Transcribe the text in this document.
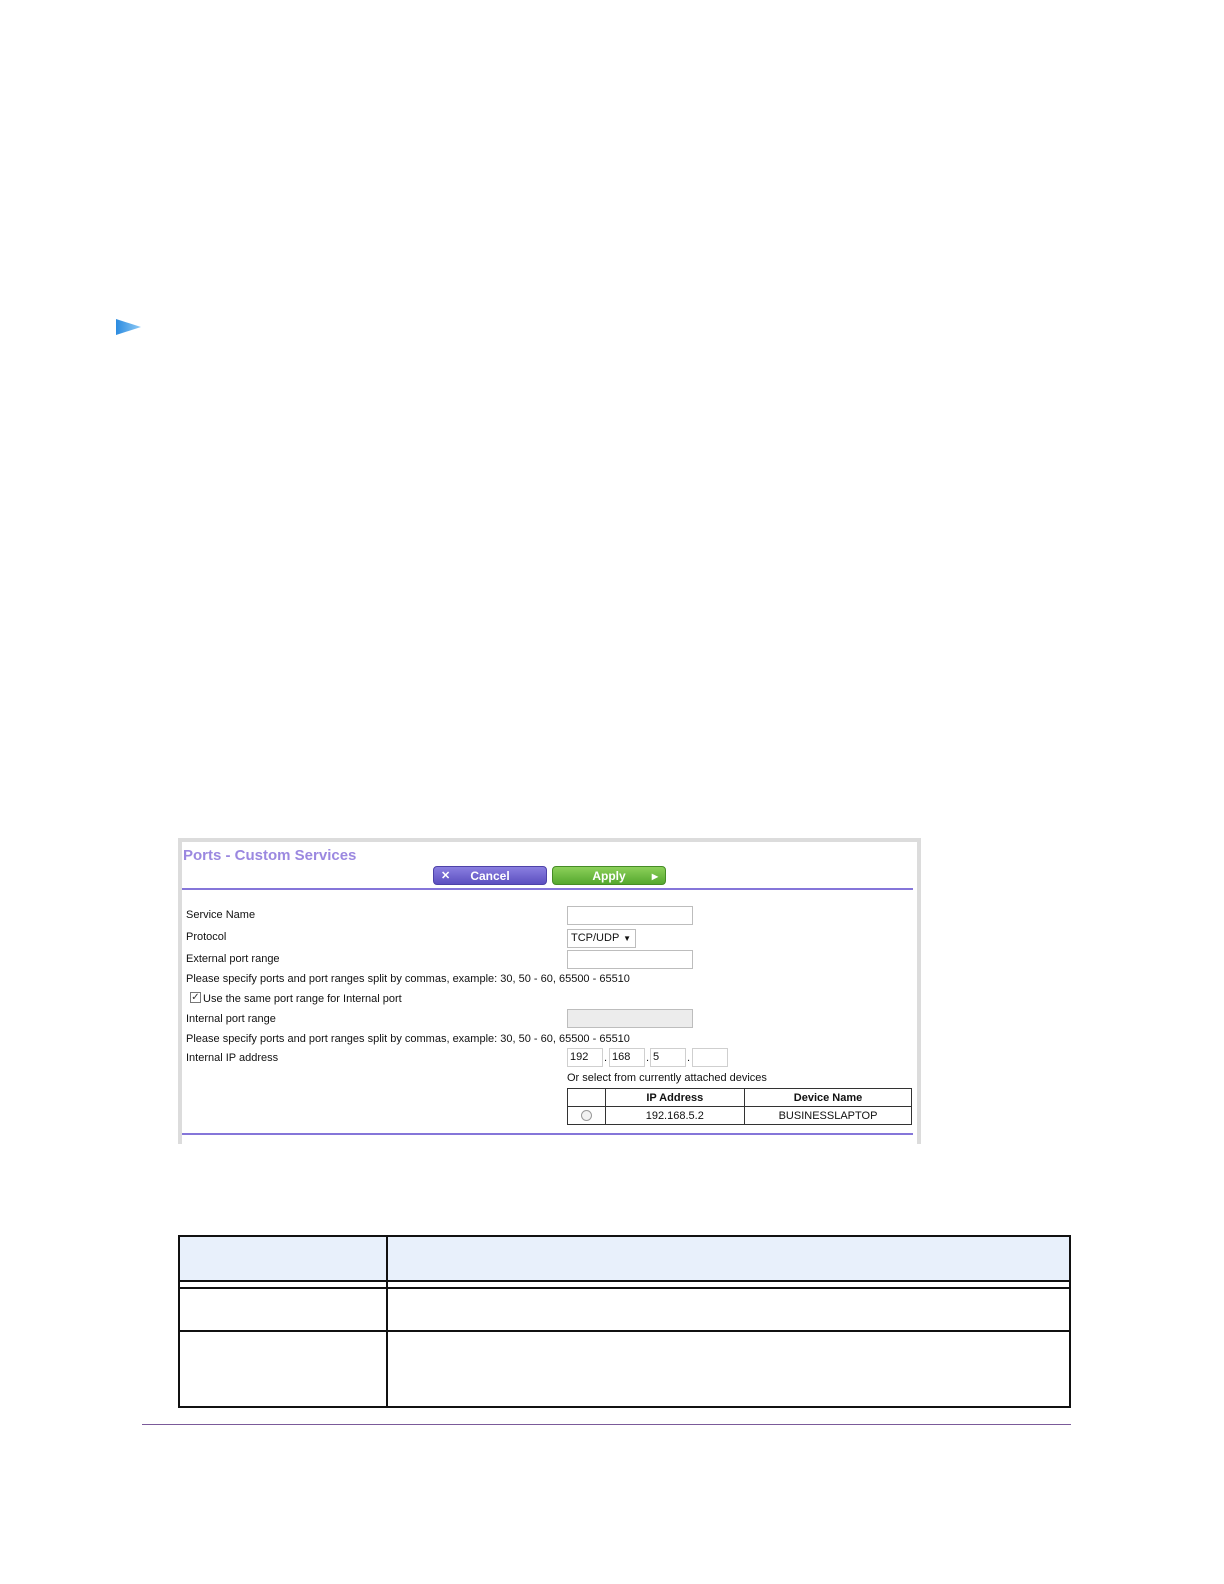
Ports - Custom Services
✕	Cancel	Apply	▶
Service Name
Protocol	TCP/UDP ▼
External port range
Please specify ports and port ranges split by commas, example: 30, 50 - 60, 65500 - 65510
✓ Use the same port range for Internal port
Internal port range
Please specify ports and port ranges split by commas, example: 30, 50 - 60, 65500 - 65510
Internal IP address	192	. 168	. 5	.
Or select from currently attached devices
	IP Address	Device Name
	192.168.5.2	BUSINESSLAPTOP
